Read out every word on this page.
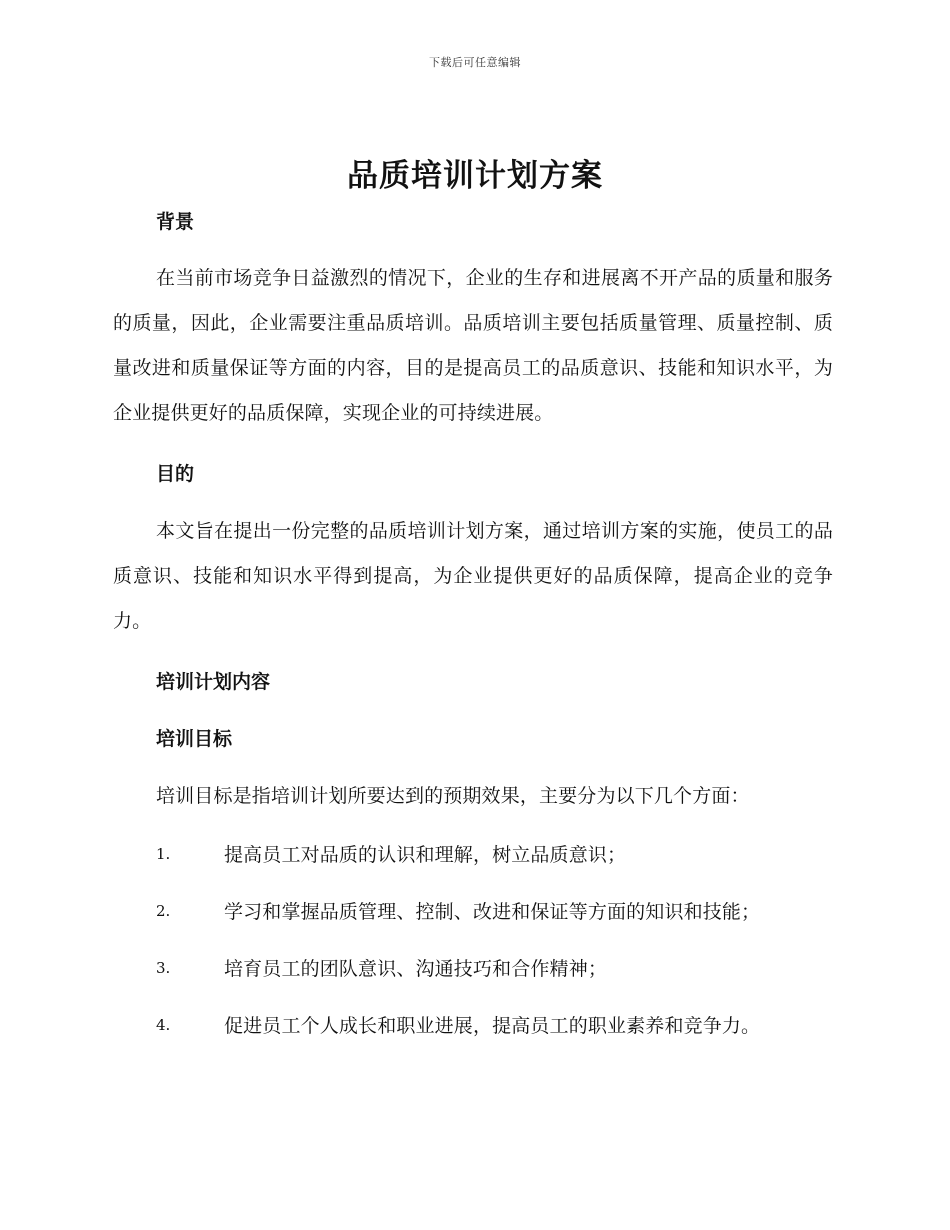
下载后可任意编辑
品质培训计划方案
背景

在当前市场竞争日益激烈的情况下，企业的生存和进展离不开产品的质量和服务的质量，因此，企业需要注重品质培训。品质培训主要包括质量管理、质量控制、质量改进和质量保证等方面的内容，目的是提高员工的品质意识、技能和知识水平，为企业提供更好的品质保障，实现企业的可持续进展。

目的

本文旨在提出一份完整的品质培训计划方案，通过培训方案的实施，使员工的品质意识、技能和知识水平得到提高，为企业提供更好的品质保障，提高企业的竞争力。

培训计划内容
培训目标

培训目标是指培训计划所要达到的预期效果，主要分为以下几个方面：

1.	提高员工对品质的认识和理解，树立品质意识；
2.	学习和掌握品质管理、控制、改进和保证等方面的知识和技能；
3.	培育员工的团队意识、沟通技巧和合作精神；
4.	促进员工个人成长和职业进展，提高员工的职业素养和竞争力。
